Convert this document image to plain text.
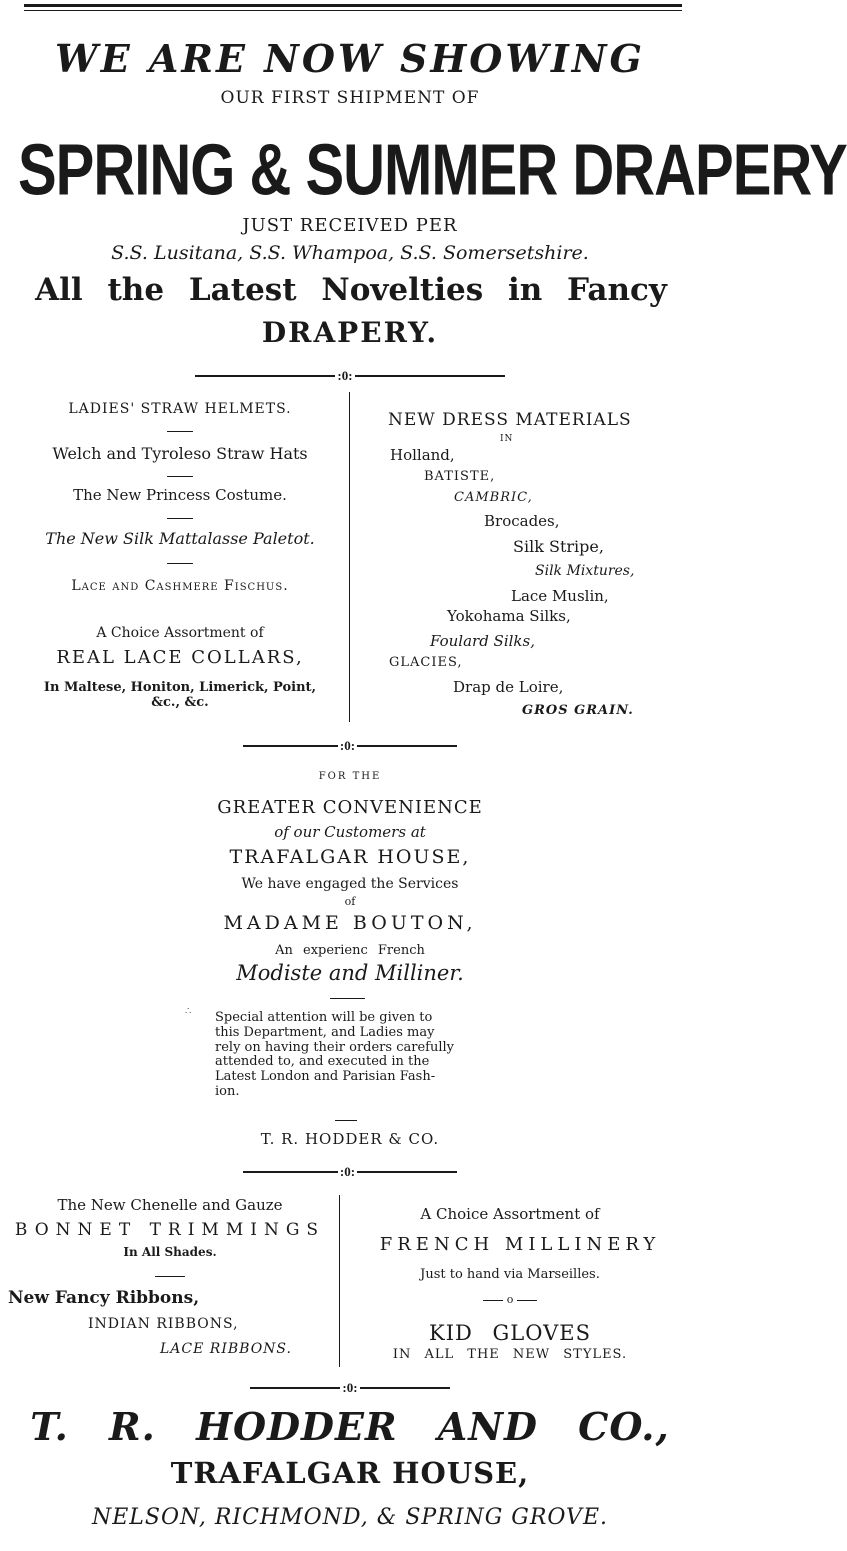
WE ARE NOW SHOWING
OUR FIRST SHIPMENT OF
SPRING & SUMMER DRAPERY
JUST RECEIVED PER
S.S. Lusitana, S.S. Whampoa, S.S. Somersetshire.
All the Latest Novelties in Fancy
DRAPERY.
:0:
LADIES' STRAW HELMETS.
Welch and Tyroleso Straw Hats
The New Princess Costume.
The New Silk Mattalasse Paletot.
Lace and Cashmere Fischus.
A Choice Assortment of
REAL LACE COLLARS,
In Maltese, Honiton, Limerick, Point,
&c., &c.
NEW DRESS MATERIALS
IN
Holland,
BATISTE,
CAMBRIC,
Brocades,
Silk Stripe,
Silk Mixtures,
Lace Muslin,
Yokohama Silks,
Foulard Silks,
GLACIES,
Drap de Loire,
GROS GRAIN.
:0:
FOR THE
GREATER CONVENIENCE
of our Customers at
TRAFALGAR HOUSE,
We have engaged the Services
of
MADAME BOUTON,
An experienc French
Modiste and Milliner.
∴ Special attention will be given to
this Department, and Ladies may
rely on having their orders carefully
attended to, and executed in the
Latest London and Parisian Fash-
ion.
T. R. HODDER & CO.
:0:
The New Chenelle and Gauze
BONNET TRIMMINGS
In All Shades.
New Fancy Ribbons,
INDIAN RIBBONS,
LACE RIBBONS.
A Choice Assortment of
FRENCH MILLINERY
Just to hand via Marseilles.
o
KID GLOVES
IN ALL THE NEW STYLES.
:0:
T. R. HODDER AND CO.,
TRAFALGAR HOUSE,
NELSON, RICHMOND, & SPRING GROVE.
